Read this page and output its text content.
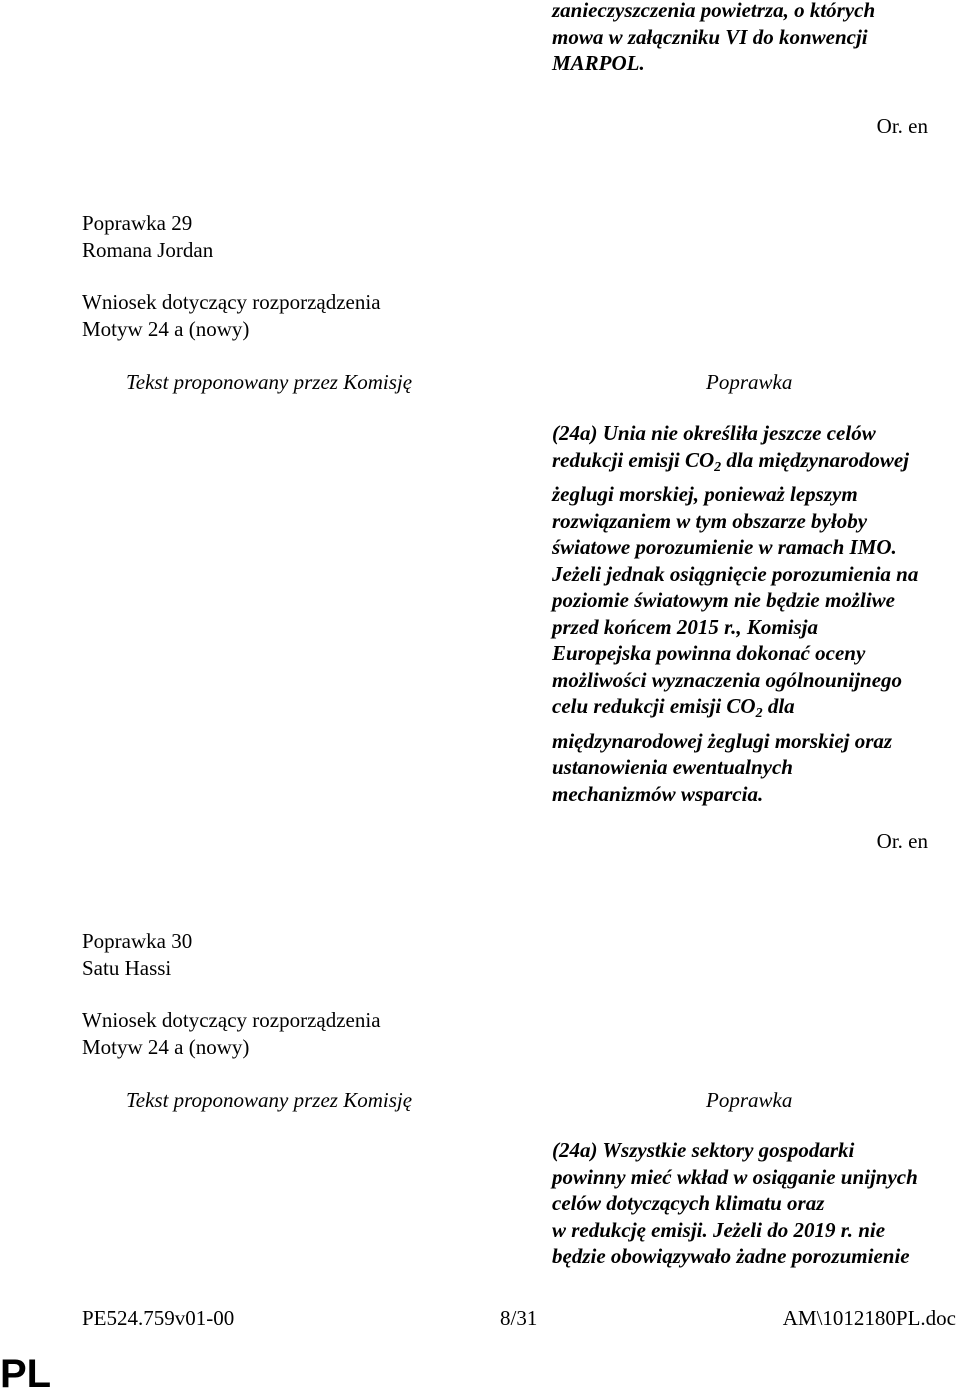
zanieczyszczenia powietrza, o których
mowa w załączniku VI do konwencji
MARPOL.
Or. en
Poprawka 29
Romana Jordan
Wniosek dotyczący rozporządzenia
Motyw 24 a (nowy)
Tekst proponowany przez Komisję	Poprawka
(24a) Unia nie określiła jeszcze celów
redukcji emisji $CO_2$ dla międzynarodowej
żeglugi morskiej, ponieważ lepszym
rozwiązaniem w tym obszarze byłoby
światowe porozumienie w ramach IMO.
Jeżeli jednak osiągnięcie porozumienia na
poziomie światowym nie będzie możliwe
przed końcem 2015 r., Komisja
Europejska powinna dokonać oceny
możliwości wyznaczenia ogólnounijnego
celu redukcji emisji $CO_2$ dla
międzynarodowej żeglugi morskiej oraz
ustanowienia ewentualnych
mechanizmów wsparcia.
Or. en
Poprawka 30
Satu Hassi
Wniosek dotyczący rozporządzenia
Motyw 24 a (nowy)
Tekst proponowany przez Komisję	Poprawka
(24a) Wszystkie sektory gospodarki
powinny mieć wkład w osiąganie unijnych
celów dotyczących klimatu oraz
w redukcję emisji. Jeżeli do 2019 r. nie
będzie obowiązywało żadne porozumienie
PE524.759v01-00	8/31	AM\1012180PL.doc
PL
